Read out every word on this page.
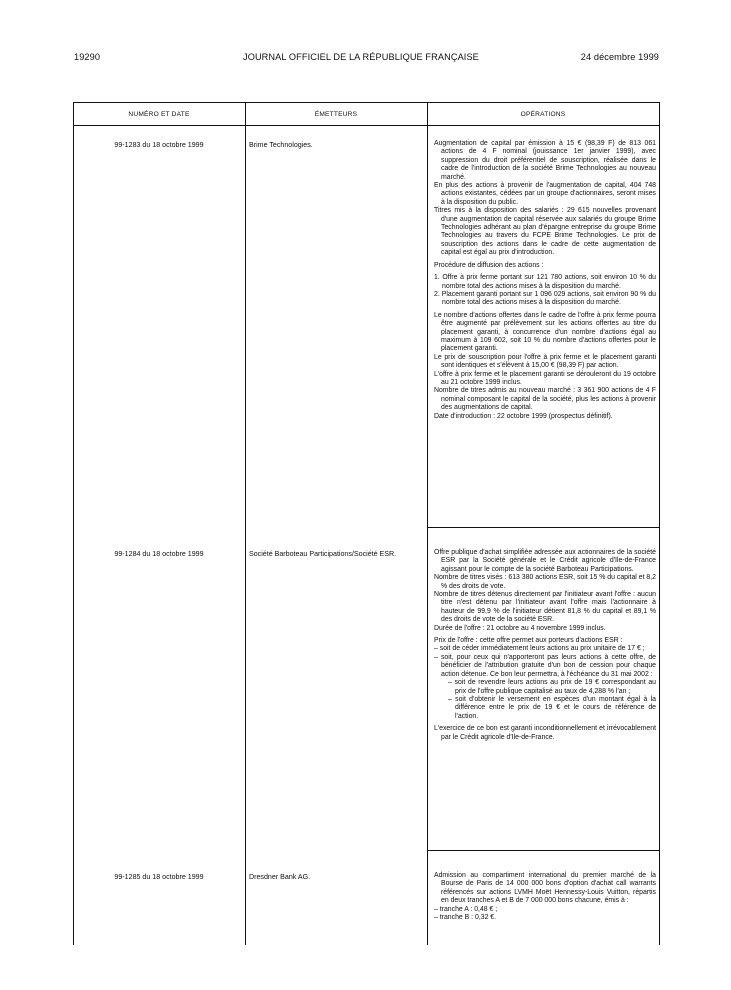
19290	JOURNAL OFFICIEL DE LA RÉPUBLIQUE FRANÇAISE	24 décembre 1999
NUMÉRO ET DATE	ÉMETTEURS	OPÉRATIONS
99-1283 du 18 octobre 1999	Brime Technologies.	Augmentation de capital par émission à 15 € (98,39 F) de 813 061 actions de 4 F nominal (jouissance 1er janvier 1999), avec suppression du droit préférentiel de souscription, réalisée dans le cadre de l'introduction de la société Brime Technologies au nouveau marché.

En plus des actions à provenir de l'augmentation de capital, 404 748 actions existantes, cédées par un groupe d'actionnaires, seront mises à la disposition du public.

Titres mis à la disposition des salariés : 29 615 nouvelles provenant d'une augmentation de capital réservée aux salariés du groupe Brime Technologies adhérant au plan d'épargne entreprise du groupe Brime Technologies au travers du FCPE Brime Technologies. Le prix de souscription des actions dans le cadre de cette augmentation de capital est égal au prix d'introduction.

Procédure de diffusion des actions :

1. Offre à prix ferme portant sur 121 780 actions, soit environ 10 % du nombre total des actions mises à la disposition du marché.

2. Placement garanti portant sur 1 096 029 actions, soit environ 90 % du nombre total des actions mises à la disposition du marché.

Le nombre d'actions offertes dans le cadre de l'offre à prix ferme pourra être augmenté par prélèvement sur les actions offertes au titre du placement garanti, à concurrence d'un nombre d'actions égal au maximum à 109 602, soit 10 % du nombre d'actions offertes pour le placement garanti.

Le prix de souscription pour l'offre à prix ferme et le placement garanti sont identiques et s'élèvent à 15,00 € (98,39 F) par action.

L'offre à prix ferme et le placement garanti se dérouleront du 19 octobre au 21 octobre 1999 inclus.

Nombre de titres admis au nouveau marché : 3 361 900 actions de 4 F nominal composant le capital de la société, plus les actions à provenir des augmentations de capital.

Date d'introduction : 22 octobre 1999 (prospectus définitif).

99-1284 du 18 octobre 1999	Société Barboteau Participations/Société ESR.	Offre publique d'achat simplifiée adressée aux actionnaires de la société ESR par la Société générale et le Crédit agricole d'Ile-de-France agissant pour le compte de la société Barboteau Participations.

Nombre de titres visés : 613 380 actions ESR, soit 15 % du capital et 8,2 % des droits de vote.

Nombre de titres détenus directement par l'initiateur avant l'offre : aucun titre n'est détenu par l'initiateur avant l'offre mais l'actionnaire à hauteur de 99,9 % de l'initiateur détient 81,8 % du capital et 89,1 % des droits de vote de la société ESR.

Durée de l'offre : 21 octobre au 4 novembre 1999 inclus.

Prix de l'offre : cette offre permet aux porteurs d'actions ESR :

– soit de céder immédiatement leurs actions au prix unitaire de 17 € ;

– soit, pour ceux qui n'apporteront pas leurs actions à cette offre, de bénéficier de l'attribution gratuite d'un bon de cession pour chaque action détenue. Ce bon leur permettra, à l'échéance du 31 mai 2002 :

– soit de revendre leurs actions au prix de 19 € correspondant au prix de l'offre publique capitalisé au taux de 4,288 % l'an ;

– soit d'obtenir le versement en espèces d'un montant égal à la différence entre le prix de 19 € et le cours de référence de l'action.

L'exercice de ce bon est garanti inconditionnellement et irrévocablement par le Crédit agricole d'Ile-de-France.

99-1285 du 18 octobre 1999	Dresdner Bank AG.	Admission au compartiment international du premier marché de la Bourse de Paris de 14 000 000 bons d'option d'achat call warrants référencés sur actions LVMH Moët Hennessy-Louis Vuitton, répartis en deux tranches A et B de 7 000 000 bons chacune, émis à :

– tranche A : 0,48 € ;

– tranche B : 0,32 €.
